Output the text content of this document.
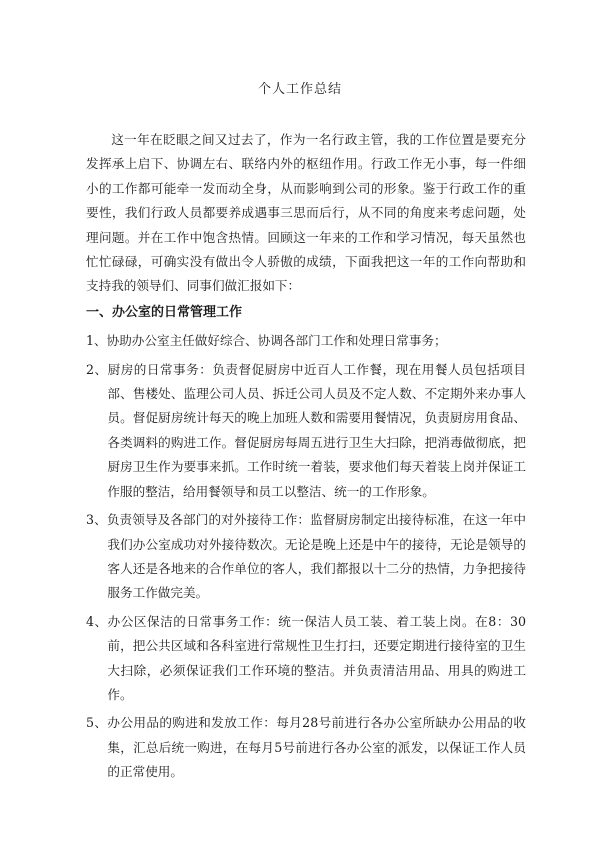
个人工作总结

这一年在眨眼之间又过去了，作为一名行政主管，我的工作位置是要充分发挥承上启下、协调左右、联络内外的枢纽作用。行政工作无小事，每一件细小的工作都可能牵一发而动全身，从而影响到公司的形象。鉴于行政工作的重要性，我们行政人员都要养成遇事三思而后行，从不同的角度来考虑问题，处理问题。并在工作中饱含热情。回顾这一年来的工作和学习情况，每天虽然也忙忙碌碌，可确实没有做出令人骄傲的成绩，下面我把这一年的工作向帮助和支持我的领导们、同事们做汇报如下：

一、办公室的日常管理工作

1、协助办公室主任做好综合、协调各部门工作和处理日常事务；

2、厨房的日常事务：负责督促厨房中近百人工作餐，现在用餐人员包括项目部、售楼处、监理公司人员、拆迁公司人员及不定人数、不定期外来办事人员。督促厨房统计每天的晚上加班人数和需要用餐情况，负责厨房用食品、各类调料的购进工作。督促厨房每周五进行卫生大扫除，把消毒做彻底，把厨房卫生作为要事来抓。工作时统一着装，要求他们每天着装上岗并保证工作服的整洁，给用餐领导和员工以整洁、统一的工作形象。

3、负责领导及各部门的对外接待工作：监督厨房制定出接待标准，在这一年中我们办公室成功对外接待数次。无论是晚上还是中午的接待，无论是领导的客人还是各地来的合作单位的客人，我们都报以十二分的热情，力争把接待服务工作做完美。

4、办公区保洁的日常事务工作：统一保洁人员工装、着工装上岗。在8：30前，把公共区域和各科室进行常规性卫生打扫，还要定期进行接待室的卫生大扫除，必须保证我们工作环境的整洁。并负责清洁用品、用具的购进工作。

5、办公用品的购进和发放工作：每月28号前进行各办公室所缺办公用品的收集，汇总后统一购进，在每月5号前进行各办公室的派发，以保证工作人员的正常使用。
